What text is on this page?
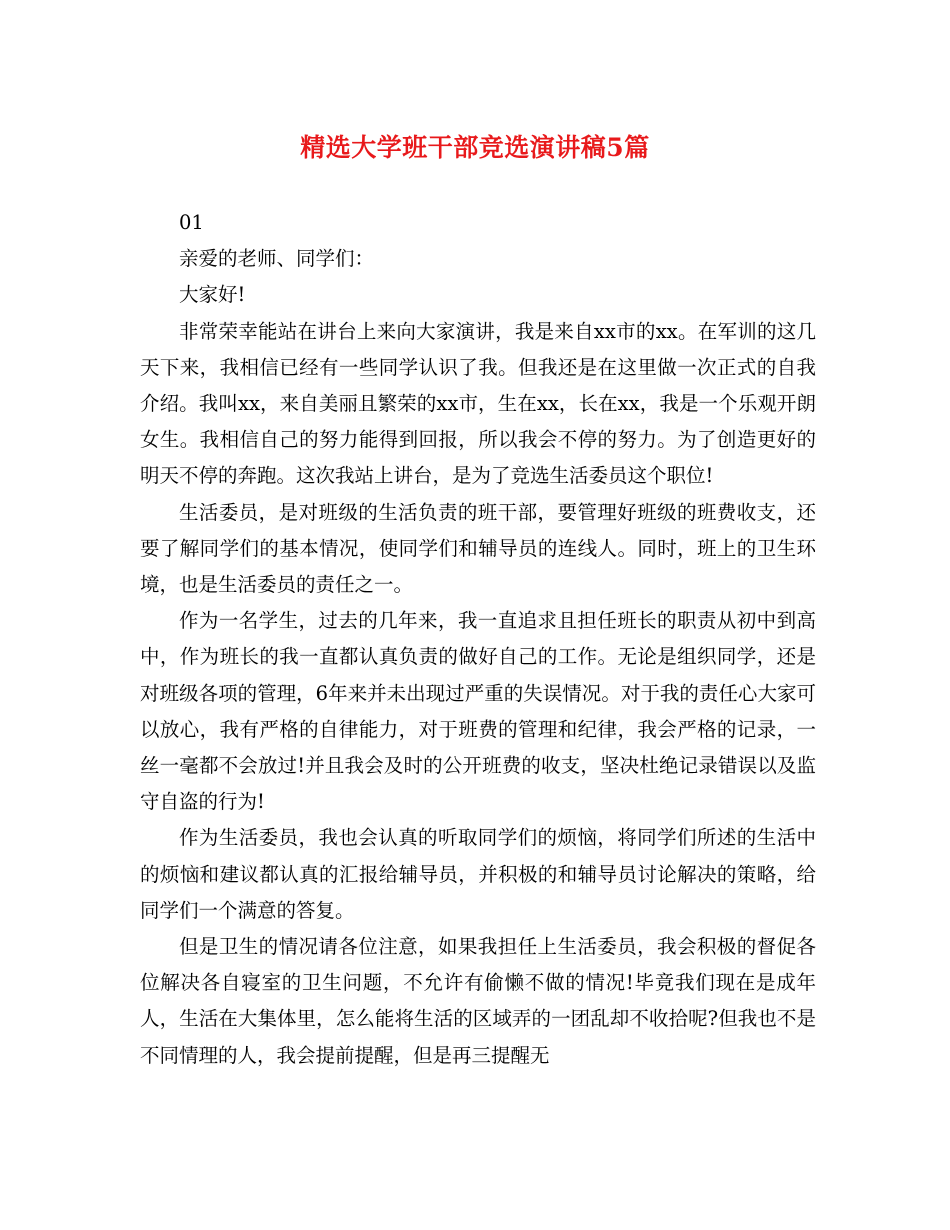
精选大学班干部竞选演讲稿5篇

01

亲爱的老师、同学们：

大家好!

非常荣幸能站在讲台上来向大家演讲，我是来自xx市的xx。在军训的这几天下来，我相信已经有一些同学认识了我。但我还是在这里做一次正式的自我介绍。我叫xx，来自美丽且繁荣的xx市，生在xx，长在xx，我是一个乐观开朗女生。我相信自己的努力能得到回报，所以我会不停的努力。为了创造更好的明天不停的奔跑。这次我站上讲台，是为了竞选生活委员这个职位!

生活委员，是对班级的生活负责的班干部，要管理好班级的班费收支，还要了解同学们的基本情况，使同学们和辅导员的连线人。同时，班上的卫生环境，也是生活委员的责任之一。

作为一名学生，过去的几年来，我一直追求且担任班长的职责从初中到高中，作为班长的我一直都认真负责的做好自己的工作。无论是组织同学，还是对班级各项的管理，6年来并未出现过严重的失误情况。对于我的责任心大家可以放心，我有严格的自律能力，对于班费的管理和纪律，我会严格的记录，一丝一毫都不会放过!并且我会及时的公开班费的收支，坚决杜绝记录错误以及监守自盗的行为!

作为生活委员，我也会认真的听取同学们的烦恼，将同学们所述的生活中的烦恼和建议都认真的汇报给辅导员，并积极的和辅导员讨论解决的策略，给同学们一个满意的答复。

但是卫生的情况请各位注意，如果我担任上生活委员，我会积极的督促各位解决各自寝室的卫生问题，不允许有偷懒不做的情况!毕竟我们现在是成年人，生活在大集体里，怎么能将生活的区域弄的一团乱却不收拾呢?但我也不是不同情理的人，我会提前提醒，但是再三提醒无
